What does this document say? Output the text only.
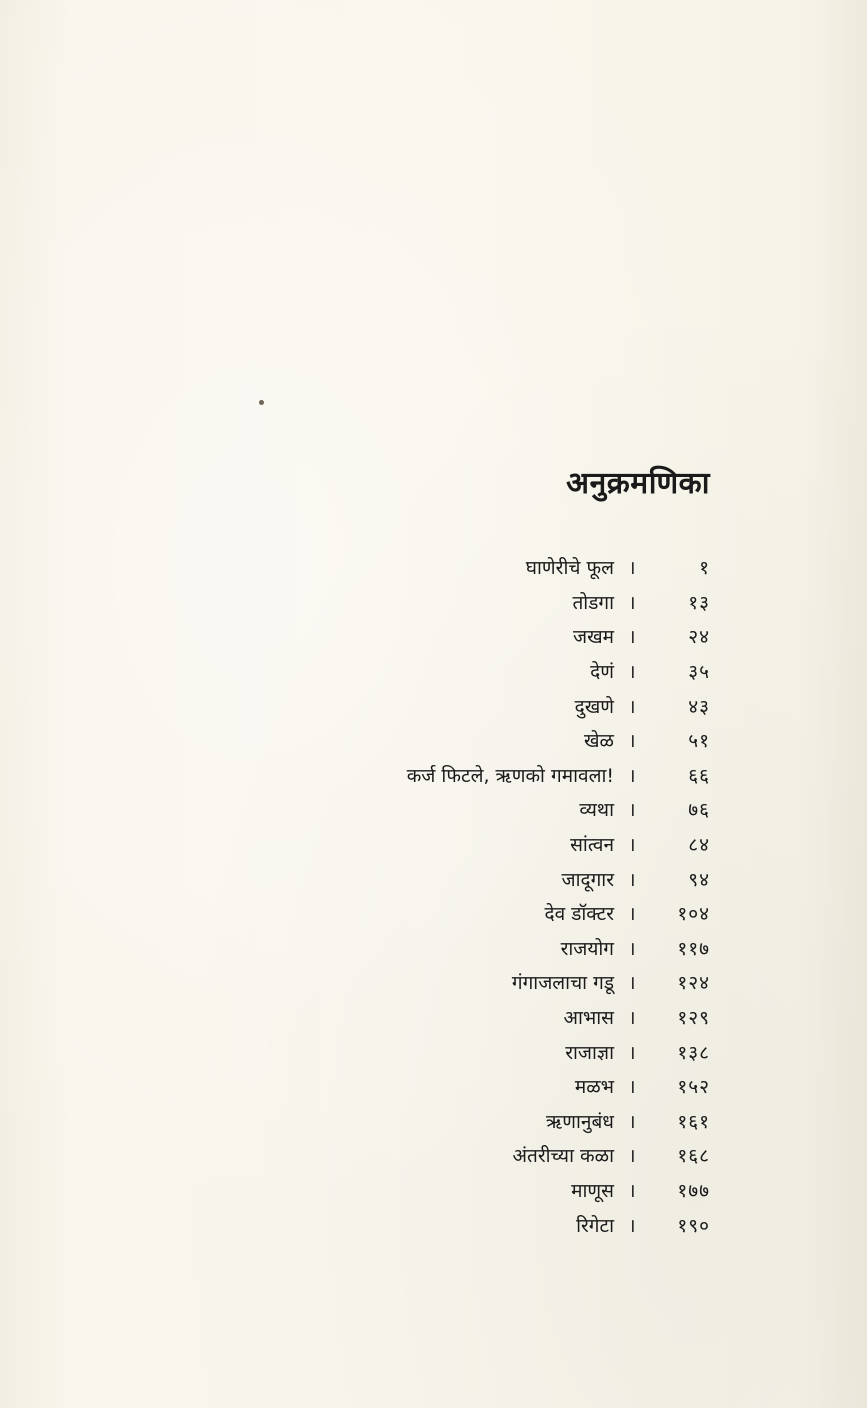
अनुक्रमणिका
घाणेरीचे फूल ।	१
तोडगा ।	१३
जखम ।	२४
देणं ।	३५
दुखणे ।	४३
खेळ ।	५१
कर्ज फिटले, ऋणको गमावला! ।	६६
व्यथा ।	७६
सांत्वन ।	८४
जादूगार ।	९४
देव डॉक्टर ।	१०४
राजयोग ।	११७
गंगाजलाचा गडू ।	१२४
आभास ।	१२९
राजाज्ञा ।	१३८
मळभ ।	१५२
ऋणानुबंध ।	१६१
अंतरीच्या कळा ।	१६८
माणूस ।	१७७
रिगेटा ।	१९०
